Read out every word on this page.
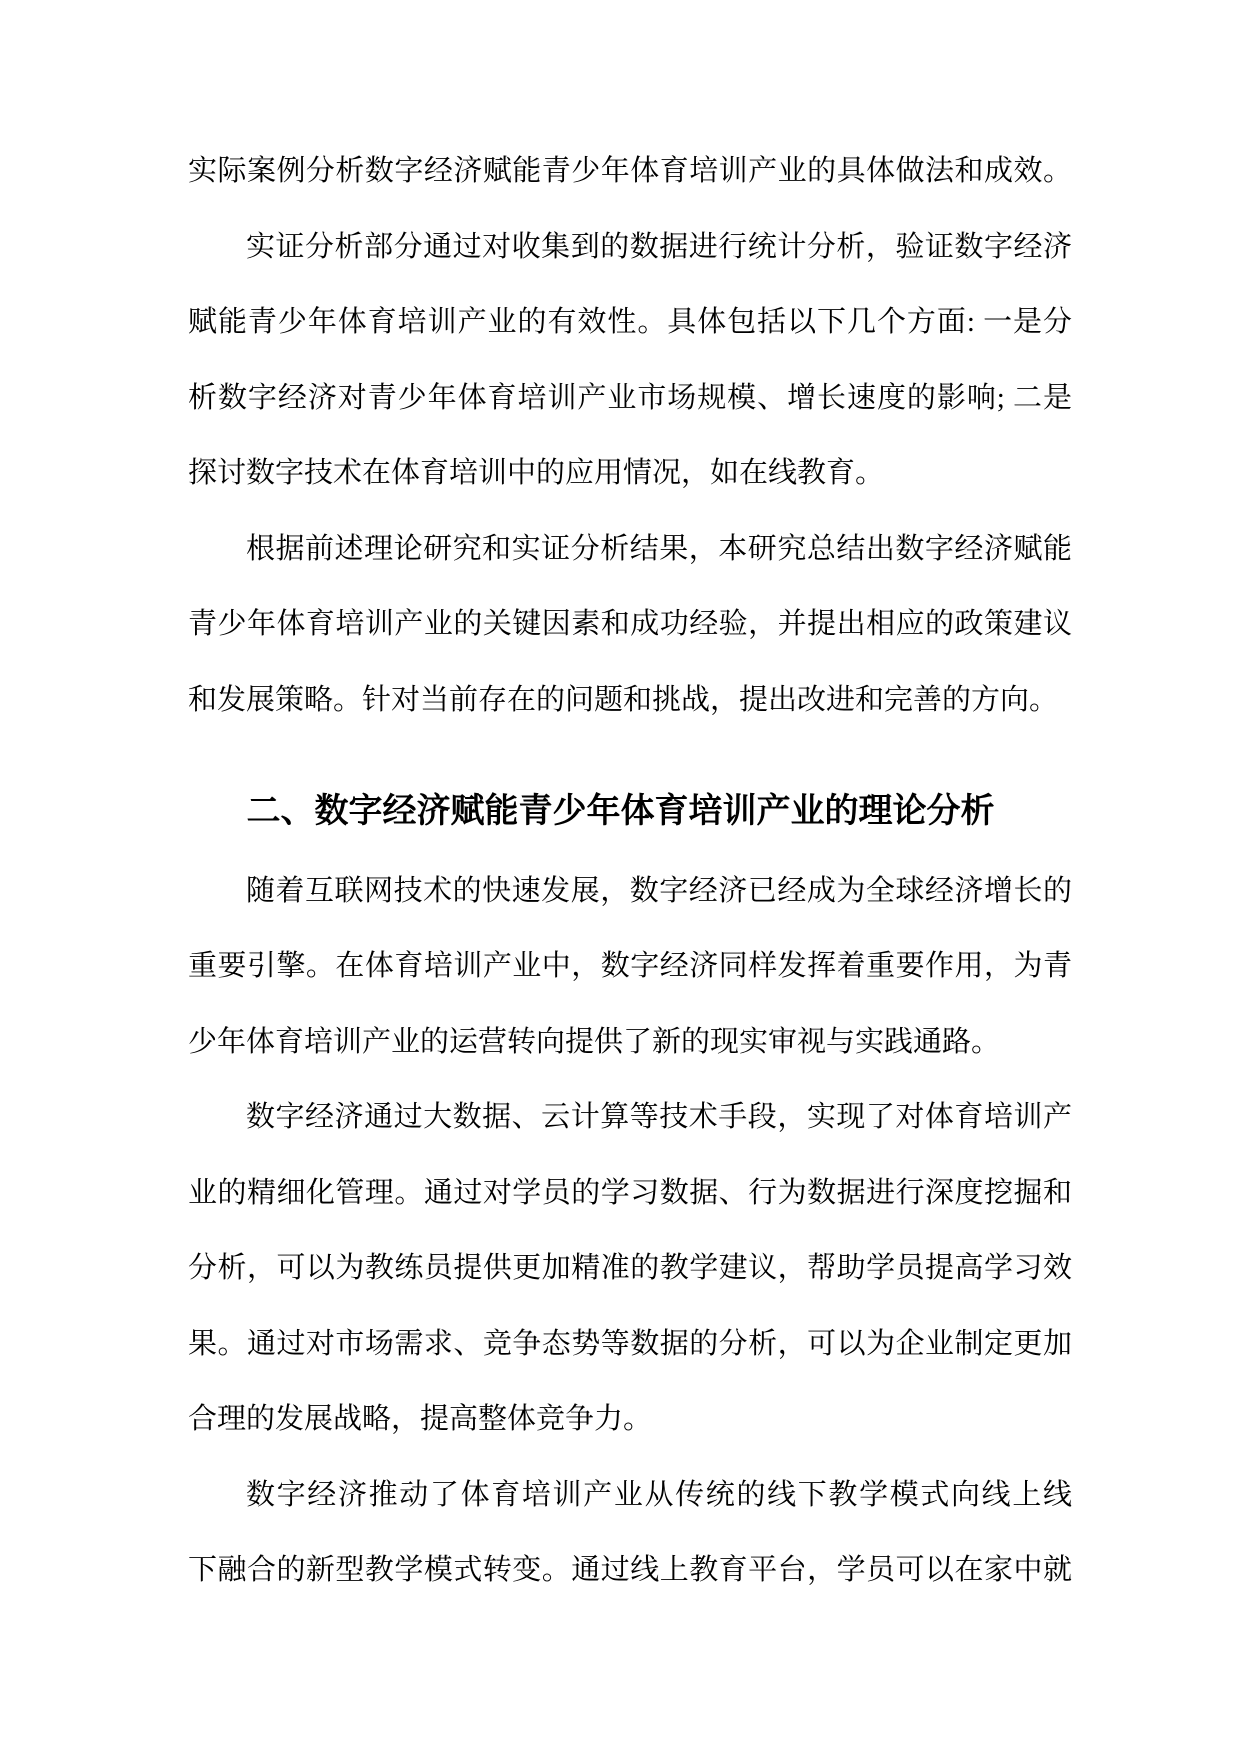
实际案例分析数字经济赋能青少年体育培训产业的具体做法和成效。
实证分析部分通过对收集到的数据进行统计分析，验证数字经济
赋能青少年体育培训产业的有效性。具体包括以下几个方面: 一是分
析数字经济对青少年体育培训产业市场规模、增长速度的影响; 二是
探讨数字技术在体育培训中的应用情况，如在线教育。
根据前述理论研究和实证分析结果，本研究总结出数字经济赋能
青少年体育培训产业的关键因素和成功经验，并提出相应的政策建议
和发展策略。针对当前存在的问题和挑战，提出改进和完善的方向。
二、数字经济赋能青少年体育培训产业的理论分析
随着互联网技术的快速发展，数字经济已经成为全球经济增长的
重要引擎。在体育培训产业中，数字经济同样发挥着重要作用，为青
少年体育培训产业的运营转向提供了新的现实审视与实践通路。
数字经济通过大数据、云计算等技术手段，实现了对体育培训产
业的精细化管理。通过对学员的学习数据、行为数据进行深度挖掘和
分析，可以为教练员提供更加精准的教学建议，帮助学员提高学习效
果。通过对市场需求、竞争态势等数据的分析，可以为企业制定更加
合理的发展战略，提高整体竞争力。
数字经济推动了体育培训产业从传统的线下教学模式向线上线
下融合的新型教学模式转变。通过线上教育平台，学员可以在家中就
